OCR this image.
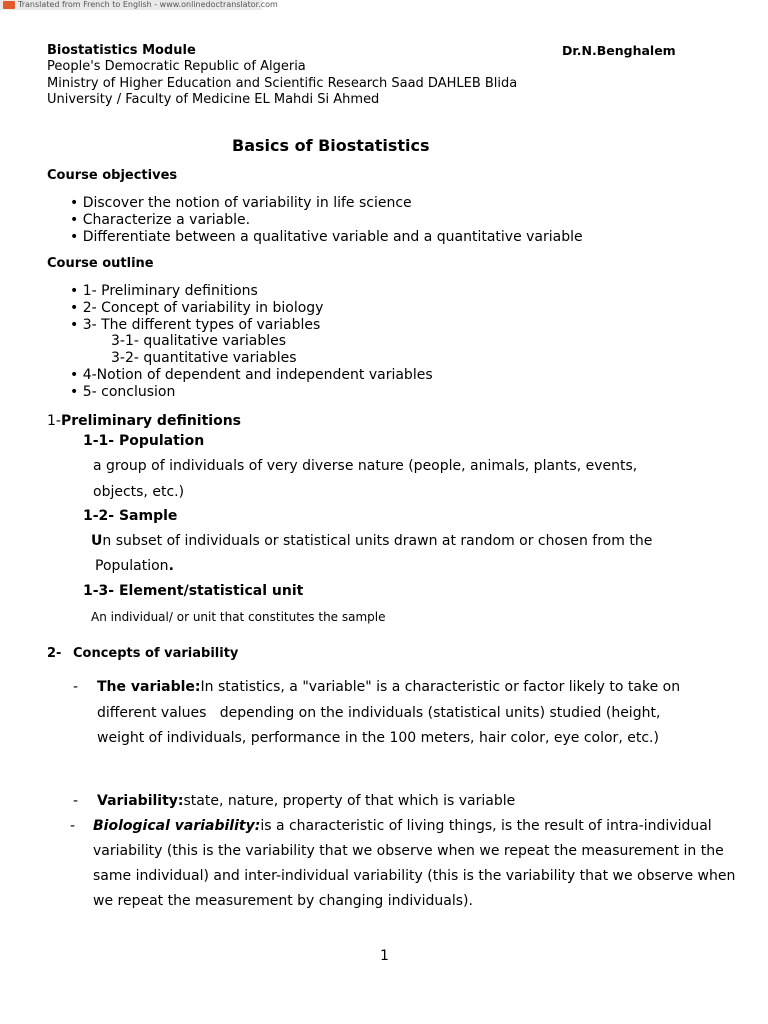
Translated from French to English - www.onlinedoctranslator.com
Biostatistics Module	Dr.N.Benghalem
People's Democratic Republic of Algeria
Ministry of Higher Education and Scientific Research Saad DAHLEB Blida
University / Faculty of Medicine EL Mahdi Si Ahmed
Basics of Biostatistics
Course objectives
• Discover the notion of variability in life science
• Characterize a variable.
• Differentiate between a qualitative variable and a quantitative variable
Course outline
• 1- Preliminary definitions
• 2- Concept of variability in biology
• 3- The different types of variables
3-1- qualitative variables
3-2- quantitative variables
• 4-Notion of dependent and independent variables
• 5- conclusion
1-Preliminary definitions
1-1- Population
a group of individuals of very diverse nature (people, animals, plants, events,
objects, etc.)
1-2- Sample
Un subset of individuals or statistical units drawn at random or chosen from the
Population.
1-3- Element/statistical unit
An individual/ or unit that constitutes the sample
2- Concepts of variability
- The variable:In statistics, a "variable" is a characteristic or factor likely to take on
different values   depending on the individuals (statistical units) studied (height,
weight of individuals, performance in the 100 meters, hair color, eye color, etc.)
- Variability:state, nature, property of that which is variable
- Biological variability:is a characteristic of living things, is the result of intra-individual
variability (this is the variability that we observe when we repeat the measurement in the
same individual) and inter-individual variability (this is the variability that we observe when
we repeat the measurement by changing individuals).
1
